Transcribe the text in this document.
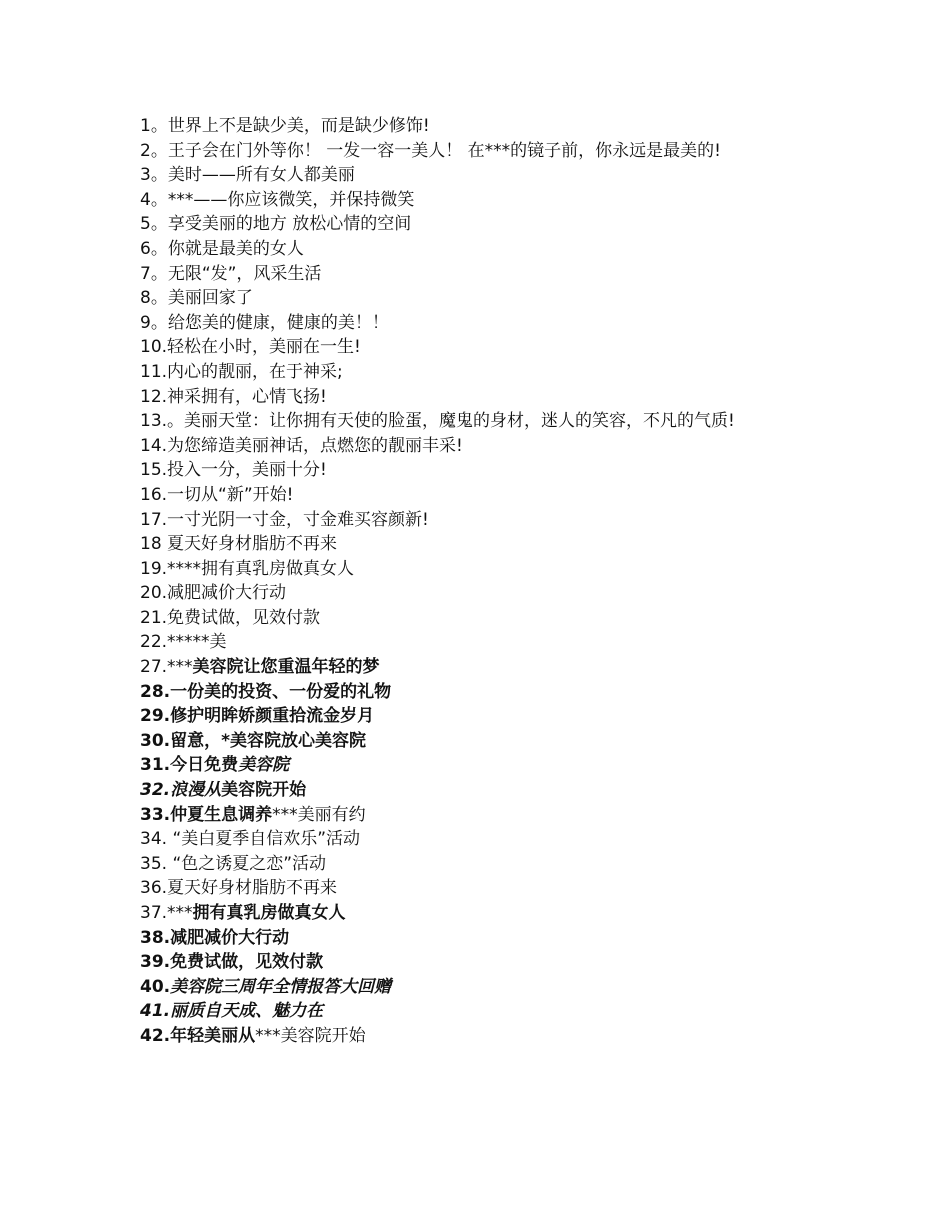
1。世界上不是缺少美，而是缺少修饰!
2。王子会在门外等你！ 一发一容一美人！ 在***的镜子前，你永远是最美的!
3。美时——所有女人都美丽
4。***——你应该微笑，并保持微笑
5。享受美丽的地方 放松心情的空间
6。你就是最美的女人
7。无限“发”，风采生活
8。美丽回家了
9。给您美的健康，健康的美！！
10.轻松在小时，美丽在一生!
11.内心的靓丽，在于神采;
12.神采拥有，心情飞扬!
13.。美丽天堂：让你拥有天使的脸蛋，魔鬼的身材，迷人的笑容，不凡的气质!
14.为您缔造美丽神话，点燃您的靓丽丰采!
15.投入一分，美丽十分!
16.一切从“新”开始!
17.一寸光阴一寸金，寸金难买容颜新!
18 夏天好身材脂肪不再来
19.****拥有真乳房做真女人
20.减肥减价大行动
21.免费试做，见效付款
22.*****美
27.***美容院让您重温年轻的梦
28.一份美的投资、一份爱的礼物
29.修护明眸娇颜重拾流金岁月
30.留意，*美容院放心美容院
31.今日免费美容院
32.浪漫从美容院开始
33.仲夏生息调养***美丽有约
34. “美白夏季自信欢乐”活动
35. “色之诱夏之恋”活动
36.夏天好身材脂肪不再来
37.***拥有真乳房做真女人
38.减肥减价大行动
39.免费试做，见效付款
40.美容院三周年全情报答大回赠
41.丽质自天成、魅力在
42.年轻美丽从***美容院开始
